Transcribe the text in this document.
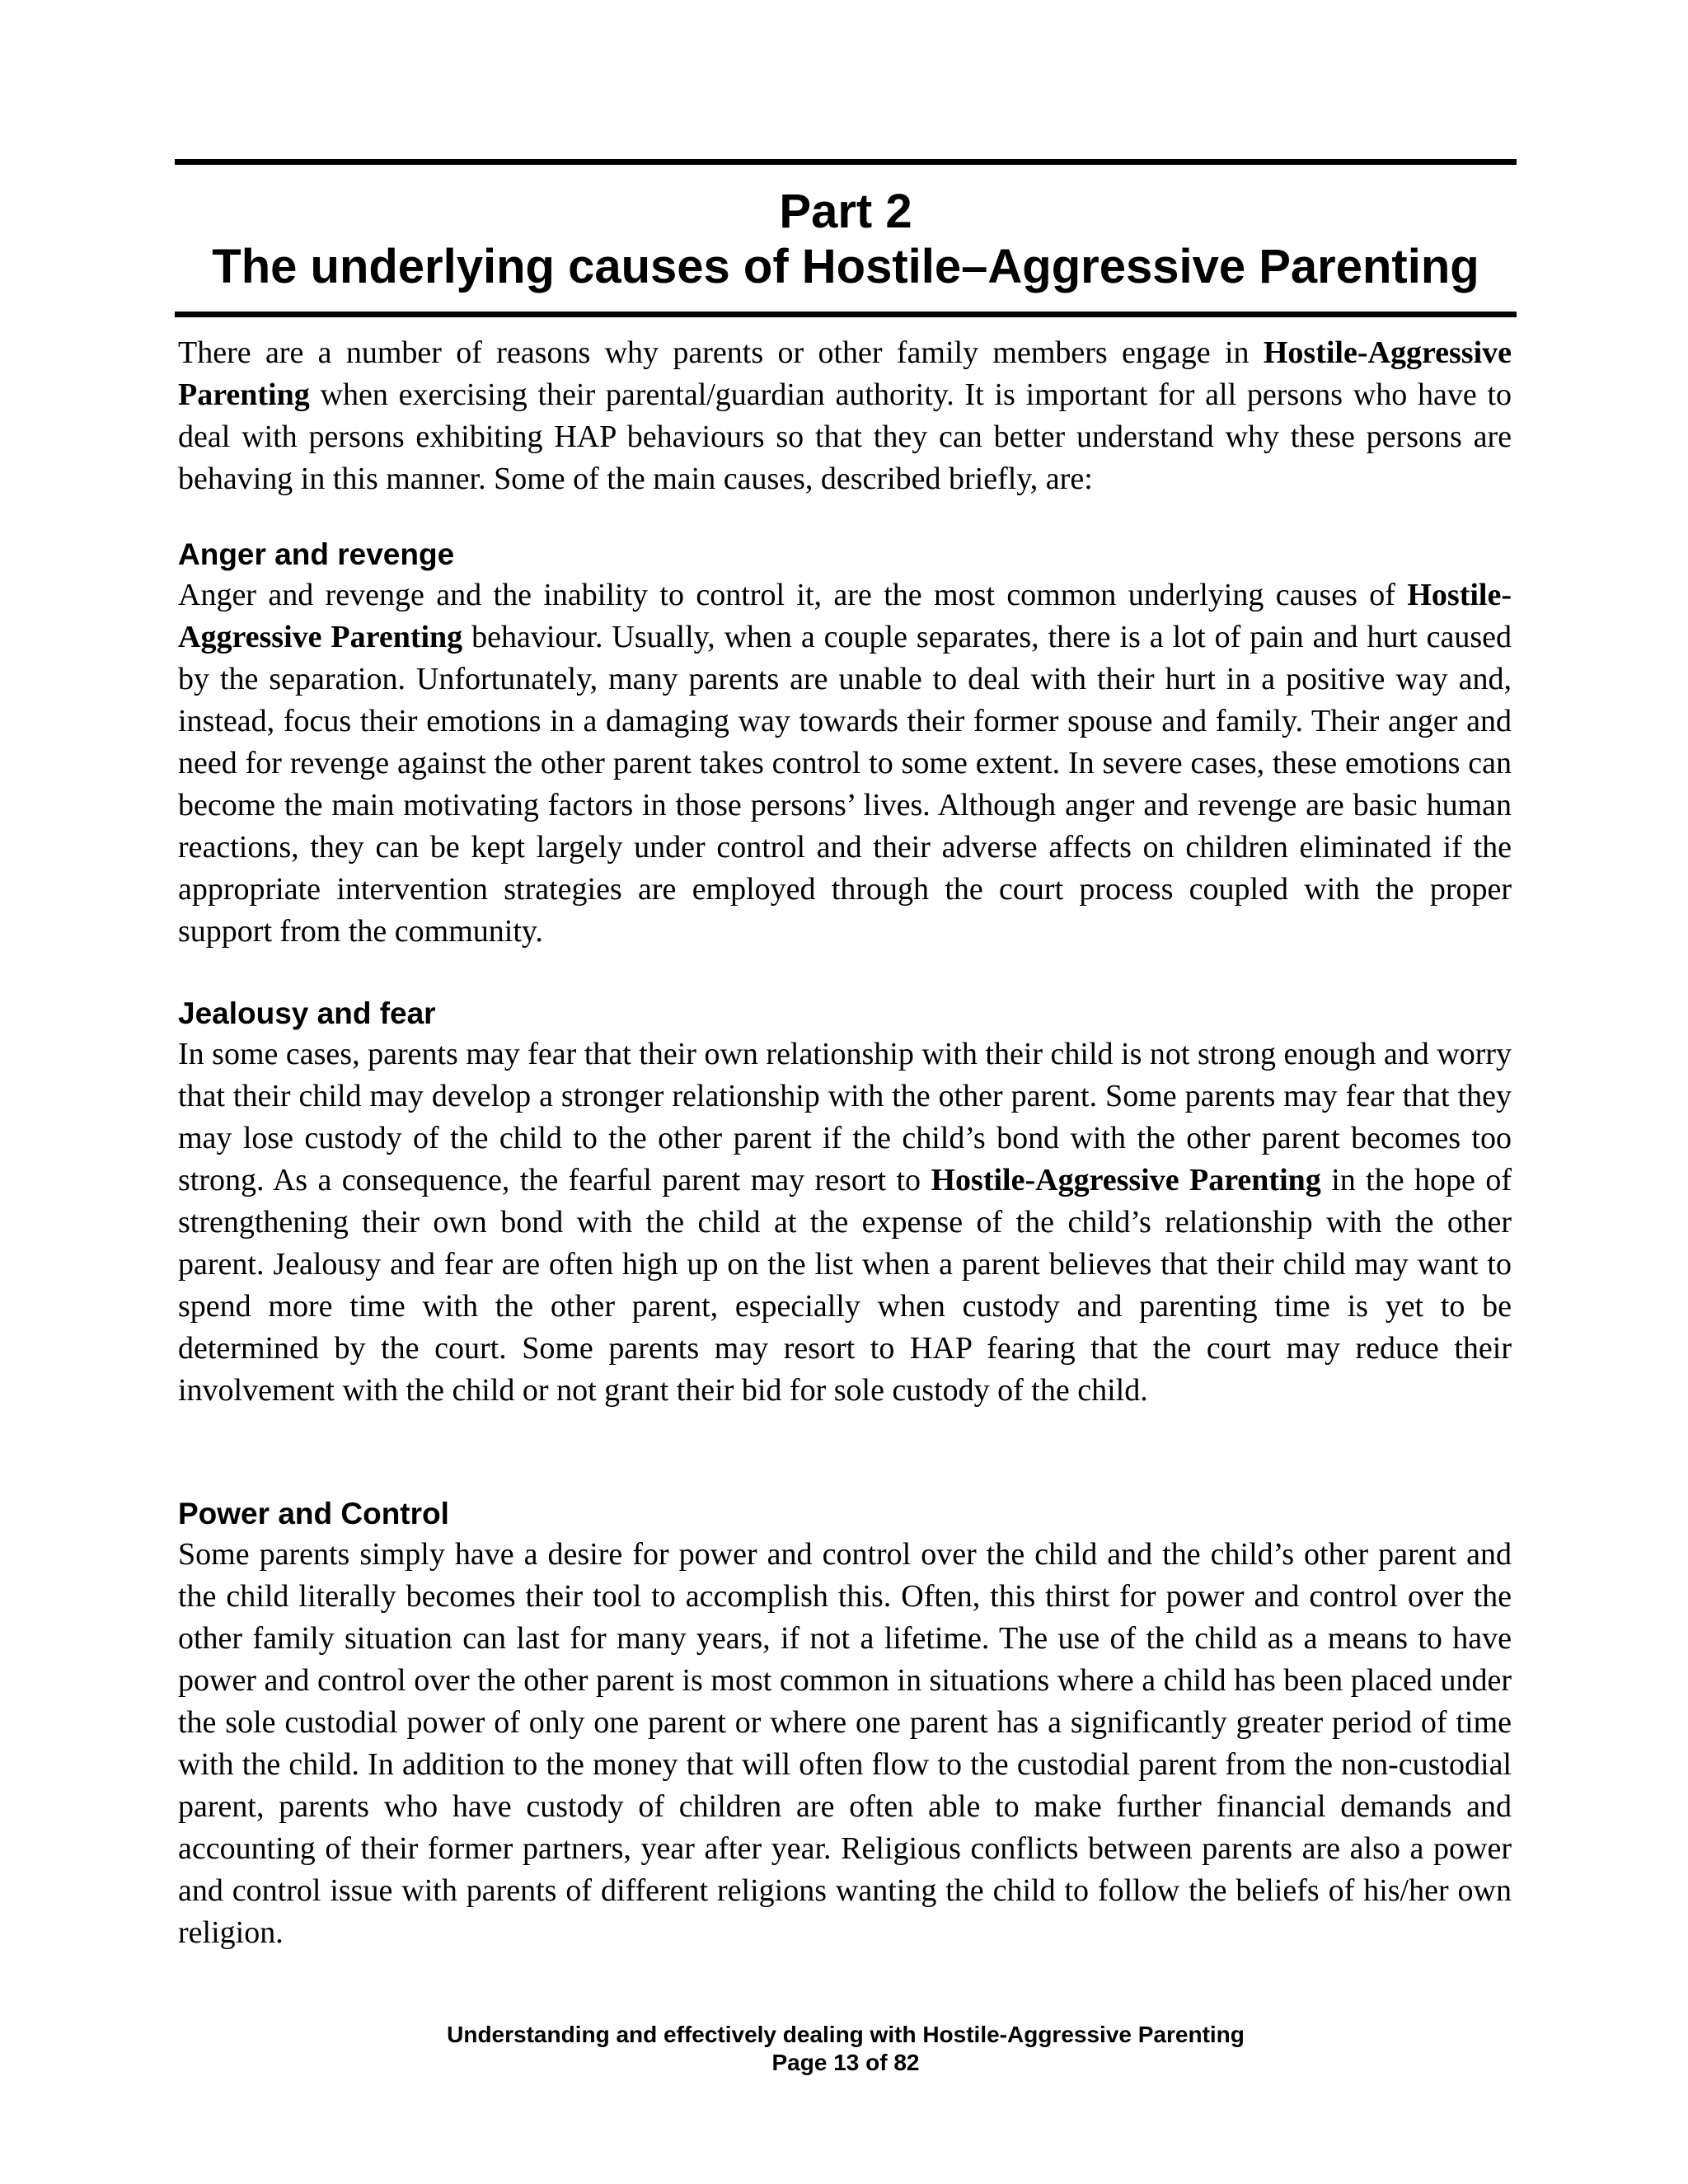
Part 2
The underlying causes of Hostile–Aggressive Parenting

There are a number of reasons why parents or other family members engage in Hostile-Aggressive Parenting when exercising their parental/guardian authority. It is important for all persons who have to deal with persons exhibiting HAP behaviours so that they can better understand why these persons are behaving in this manner. Some of the main causes, described briefly, are:

Anger and revenge

Anger and revenge and the inability to control it, are the most common underlying causes of Hostile-Aggressive Parenting behaviour. Usually, when a couple separates, there is a lot of pain and hurt caused by the separation. Unfortunately, many parents are unable to deal with their hurt in a positive way and, instead, focus their emotions in a damaging way towards their former spouse and family. Their anger and need for revenge against the other parent takes control to some extent. In severe cases, these emotions can become the main motivating factors in those persons’ lives. Although anger and revenge are basic human reactions, they can be kept largely under control and their adverse affects on children eliminated if the appropriate intervention strategies are employed through the court process coupled with the proper support from the community.

Jealousy and fear

In some cases, parents may fear that their own relationship with their child is not strong enough and worry that their child may develop a stronger relationship with the other parent. Some parents may fear that they may lose custody of the child to the other parent if the child’s bond with the other parent becomes too strong. As a consequence, the fearful parent may resort to Hostile-Aggressive Parenting in the hope of strengthening their own bond with the child at the expense of the child’s relationship with the other parent. Jealousy and fear are often high up on the list when a parent believes that their child may want to spend more time with the other parent, especially when custody and parenting time is yet to be determined by the court. Some parents may resort to HAP fearing that the court may reduce their involvement with the child or not grant their bid for sole custody of the child.

Power and Control

Some parents simply have a desire for power and control over the child and the child’s other parent and the child literally becomes their tool to accomplish this. Often, this thirst for power and control over the other family situation can last for many years, if not a lifetime. The use of the child as a means to have power and control over the other parent is most common in situations where a child has been placed under the sole custodial power of only one parent or where one parent has a significantly greater period of time with the child. In addition to the money that will often flow to the custodial parent from the non-custodial parent, parents who have custody of children are often able to make further financial demands and accounting of their former partners, year after year. Religious conflicts between parents are also a power and control issue with parents of different religions wanting the child to follow the beliefs of his/her own religion.

Understanding and effectively dealing with Hostile-Aggressive Parenting
Page 13 of 82
